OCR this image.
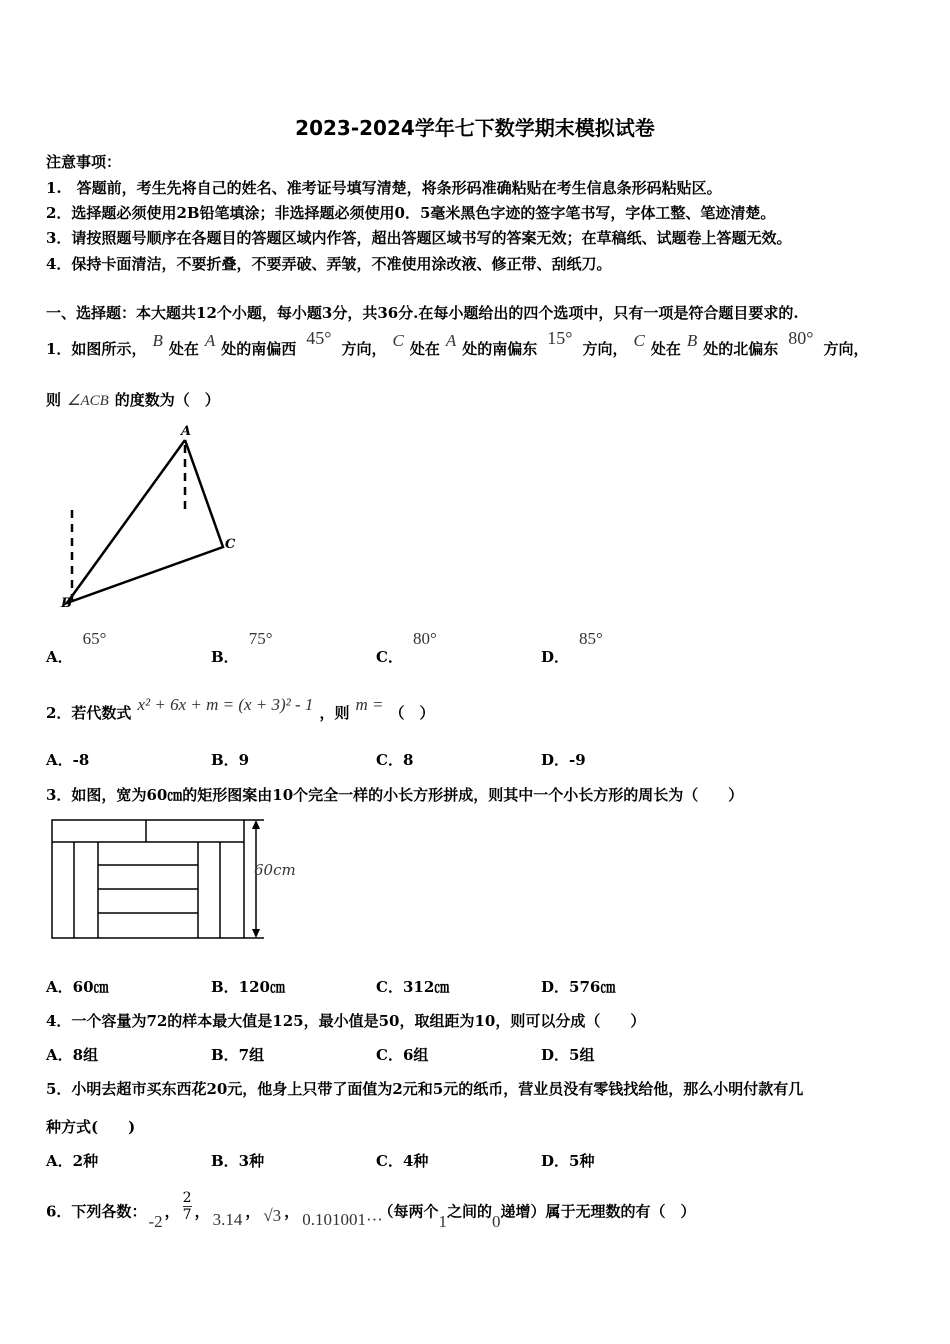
2023-2024学年七下数学期末模拟试卷
注意事项：
1.　答题前，考生先将自己的姓名、准考证号填写清楚，将条形码准确粘贴在考生信息条形码粘贴区。
2．选择题必须使用2B铅笔填涂；非选择题必须使用0．5毫米黑色字迹的签字笔书写，字体工整、笔迹清楚。
3．请按照题号顺序在各题目的答题区域内作答，超出答题区域书写的答案无效；在草稿纸、试题卷上答题无效。
4．保持卡面清洁，不要折叠，不要弄破、弄皱，不准使用涂改液、修正带、刮纸刀。
一、选择题：本大题共12个小题，每小题3分，共36分.在每小题给出的四个选项中，只有一项是符合题目要求的.
1．如图所示， B 处在 A 处的南偏西45°方向， C 处在 A 处的南偏东15°方向， C 处在 B 处的北偏东80°方向，
则 ∠ACB 的度数为（　）
A
B
C
A．65°
B．75°
C．80°
D．85°
2．若代数式 x² + 6x + m = (x + 3)² - 1 ，则 m = （　）
A．-8	B．9	C．8	D．-9
3．如图，宽为60㎝的矩形图案由10个完全一样的小长方形拼成，则其中一个小长方形的周长为（　　）
60cm
A．60㎝	B．120㎝	C．312㎝	D．576㎝
4．一个容量为72的样本最大值是125，最小值是50，取组距为10，则可以分成（　　）
A．8组	B．7组	C．6组	D．5组
5．小明去超市买东西花20元，他身上只带了面值为2元和5元的纸币，营业员没有零钱找给他，那么小明付款有几
种方式(　　)
A．2种	B．3种	C．4种	D．5种
6．下列各数： -2 ， $\frac{2}{7}$ ， 3.14 ， √3 ， 0.101001··· （每两个1之间的0递增）属于无理数的有（　）
